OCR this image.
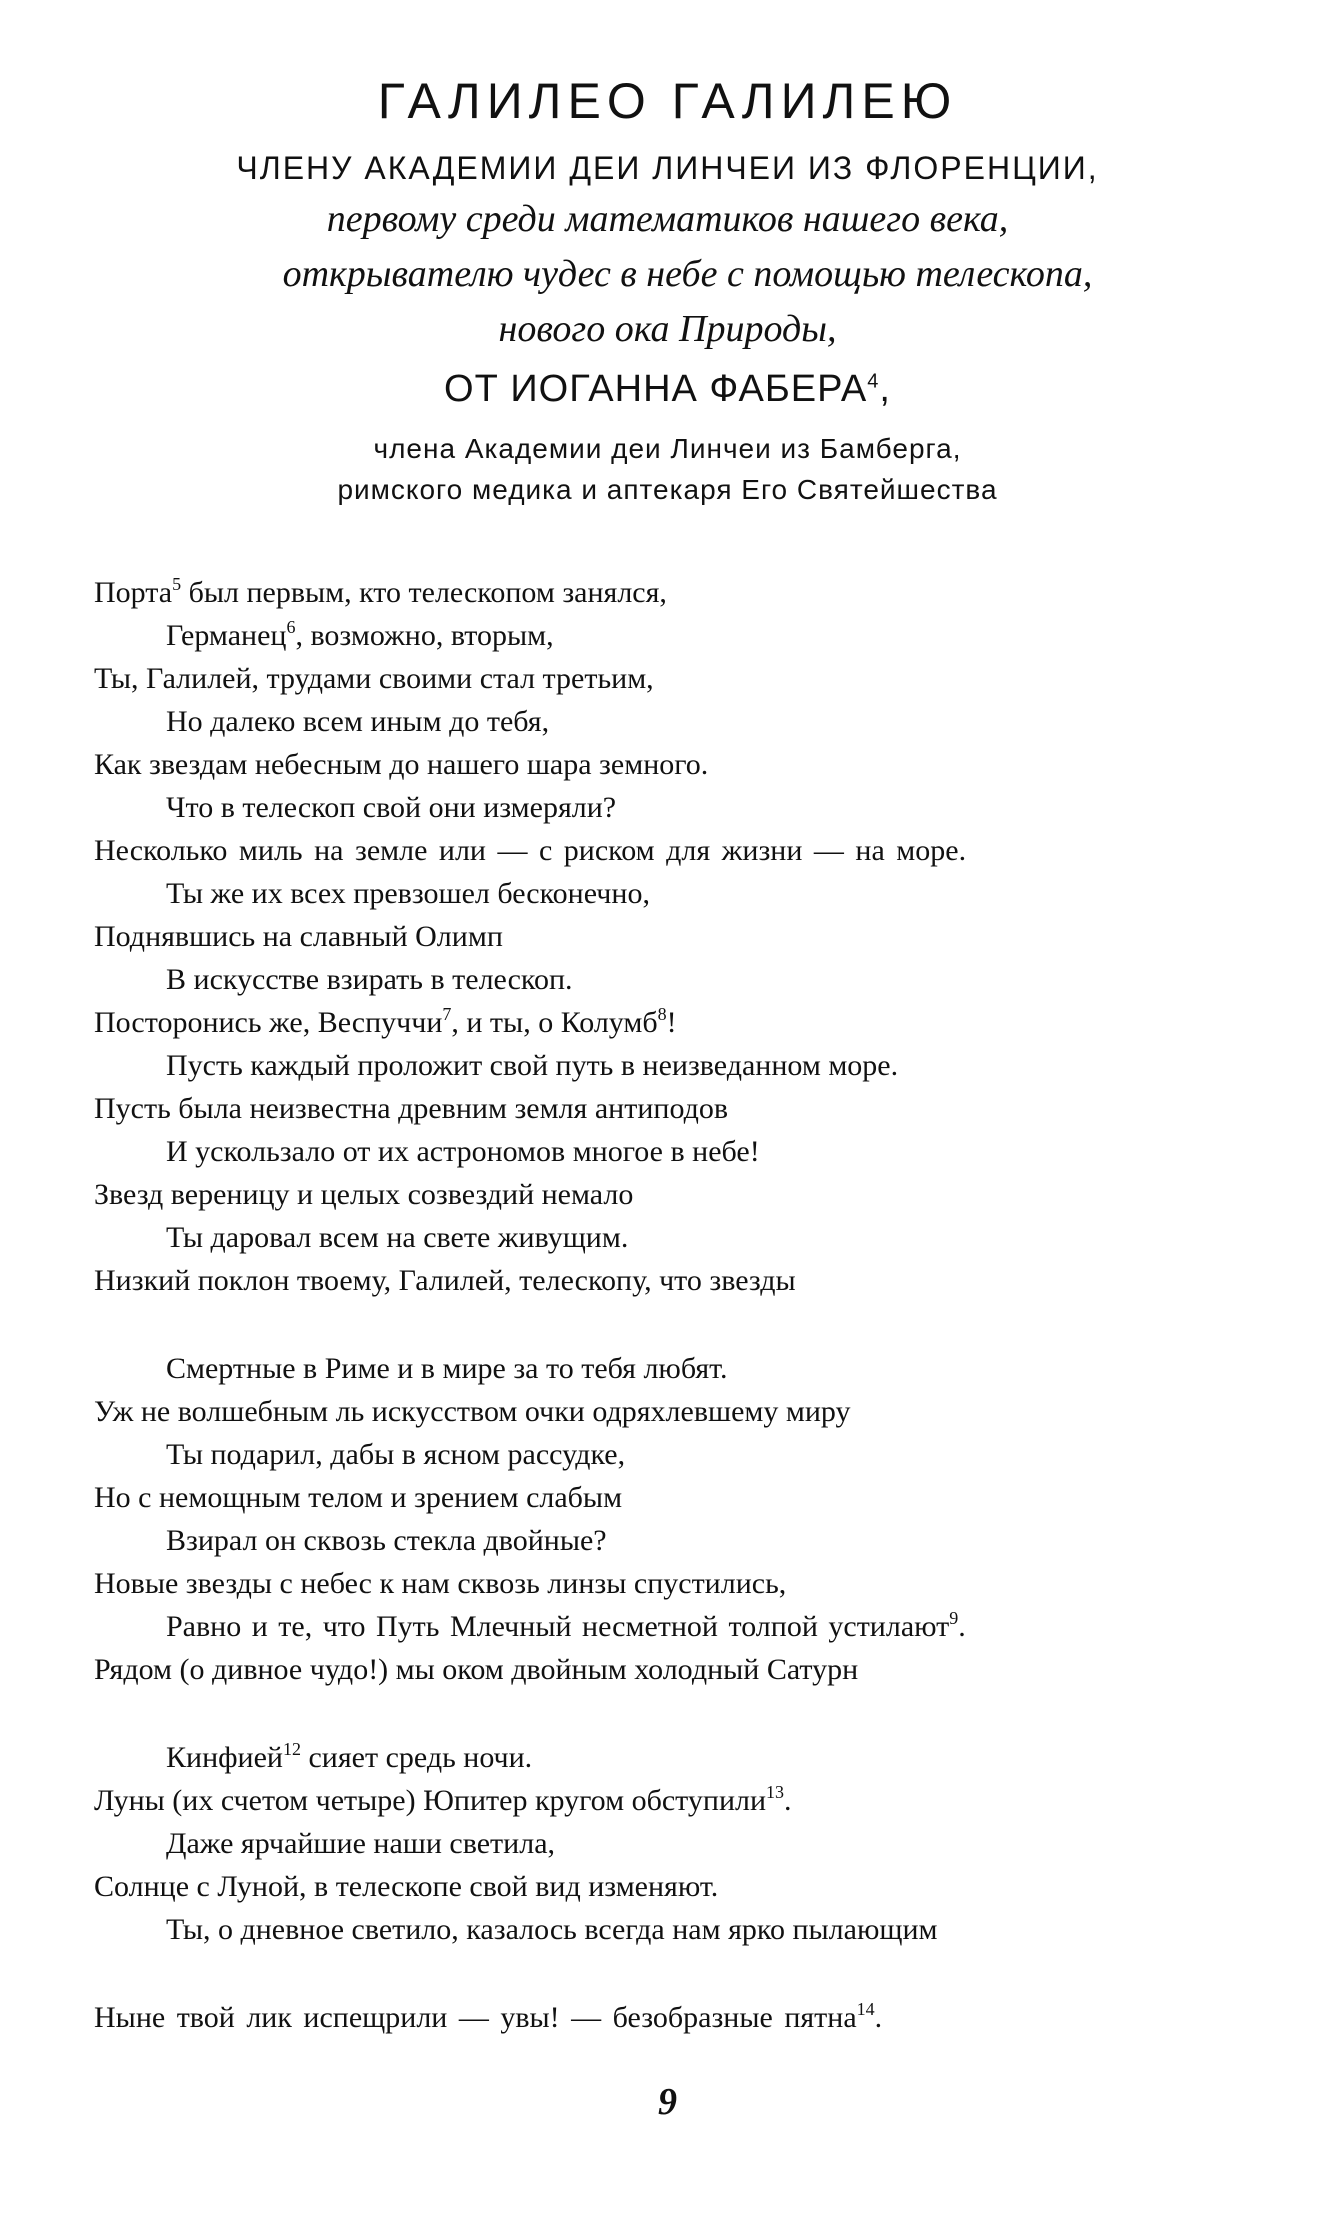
ГАЛИЛЕО ГАЛИЛЕЮ
ЧЛЕНУ АКАДЕМИИ ДЕИ ЛИНЧЕИ ИЗ ФЛОРЕНЦИИ,
первому среди математиков нашего века,
открывателю чудес в небе с помощью телескопа,
нового ока Природы,
ОТ ИОГАННА ФАБЕРА$^4$,
члена Академии деи Линчеи из Бамберга,
римского медика и аптекаря Его Святейшества
Порта$^5$ был первым, кто телескопом занялся,
Германец$^6$, возможно, вторым,
Ты, Галилей, трудами своими стал третьим,
Но далеко всем иным до тебя,
Как звездам небесным до нашего шара земного.
Что в телескоп свой они измеряли?
Несколько миль на земле или — с риском для жизни — на море.
Ты же их всех превзошел бесконечно,
Поднявшись на славный Олимп
В искусстве взирать в телескоп.
Посторонись же, Веспуччи$^7$, и ты, о Колумб$^8$!
Пусть каждый проложит свой путь в неизведанном море.
Пусть была неизвестна древним земля антиподов
И ускользало от их астрономов многое в небе!
Звезд вереницу и целых созвездий немало
Ты даровал всем на свете живущим.
Низкий поклон твоему, Галилей, телескопу, что звезды
Смертные в Риме и в мире за то тебя любят.
Уж не волшебным ль искусством очки одряхлевшему миру
Ты подарил, дабы в ясном рассудке,
Но с немощным телом и зрением слабым
Взирал он сквозь стекла двойные?
Новые звезды с небес к нам сквозь линзы спустились,
Равно и те, что Путь Млечный несметной толпой устилают$^9$.
Рядом (о дивное чудо!) мы оком двойным холодный Сатурн
Кинфией$^{12}$ сияет средь ночи.
Луны (их счетом четыре) Юпитер кругом обступили$^{13}$.
Даже ярчайшие наши светила,
Солнце с Луной, в телескопе свой вид изменяют.
Ты, о дневное светило, казалось всегда нам ярко пылающим
Ныне твой лик испещрили — увы! — безобразные пятна$^{14}$.
9
